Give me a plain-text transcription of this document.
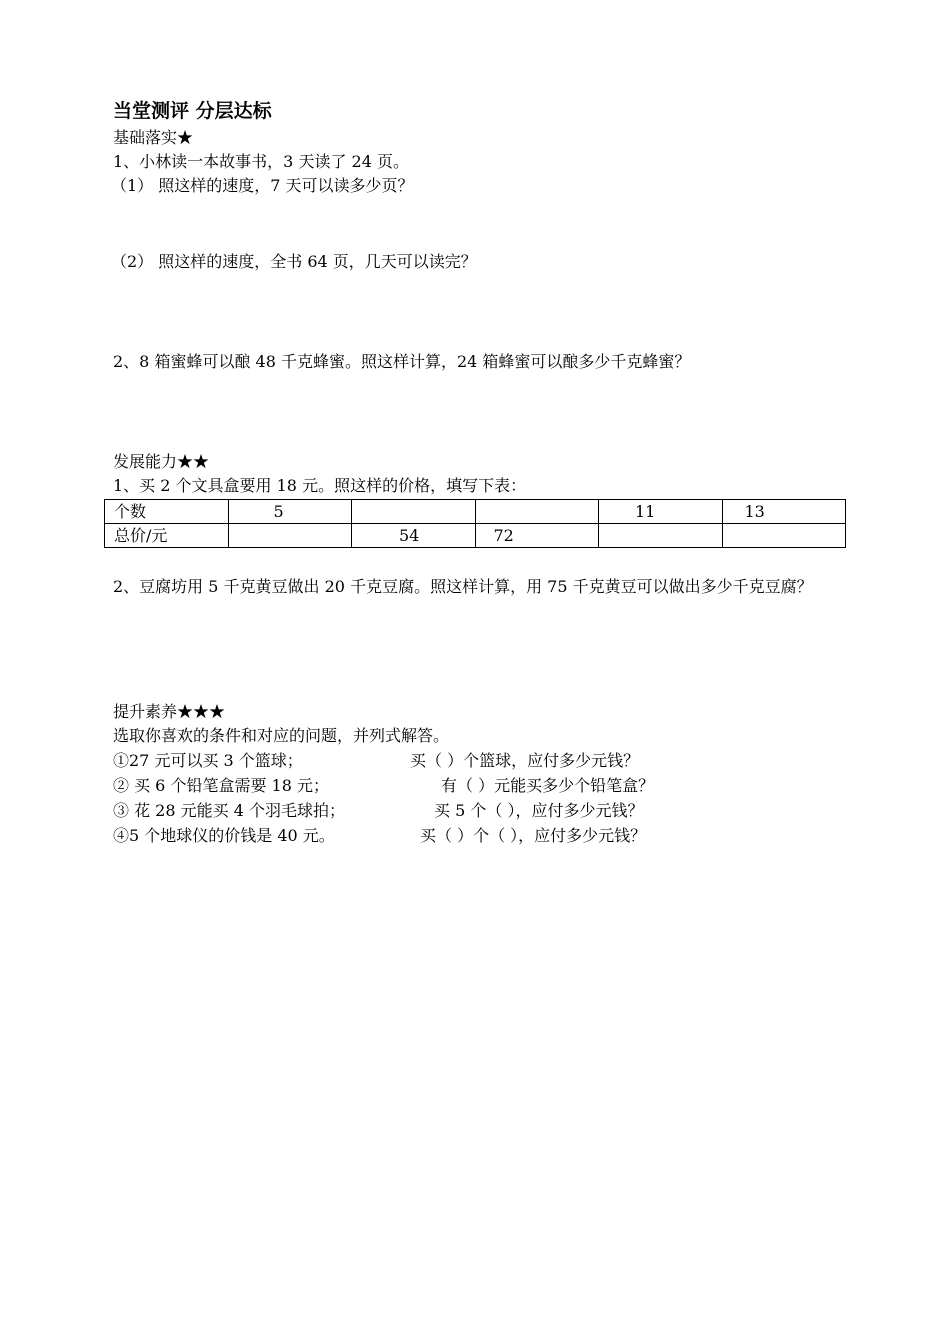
当堂测评 分层达标
基础落实★
1、小林读一本故事书，3 天读了 24 页。
（1） 照这样的速度，7 天可以读多少页？
（2） 照这样的速度，全书 64 页，几天可以读完？
2、8 箱蜜蜂可以酿 48 千克蜂蜜。照这样计算，24 箱蜂蜜可以酿多少千克蜂蜜？
发展能力★★
1、买 2 个文具盒要用 18 元。照这样的价格，填写下表：
个数	5			11	13
总价/元		54	72		
2、豆腐坊用 5 千克黄豆做出 20 千克豆腐。照这样计算，用 75 千克黄豆可以做出多少千克豆腐？
提升素养★★★
选取你喜欢的条件和对应的问题，并列式解答。
①27 元可以买 3 个篮球；	买（ ）个篮球，应付多少元钱？
② 买 6 个铅笔盒需要 18 元；	有（ ）元能买多少个铅笔盒？
③ 花 28 元能买 4 个羽毛球拍；	买 5 个（ ），应付多少元钱？
④5 个地球仪的价钱是 40 元。	买（ ）个（ ），应付多少元钱？
